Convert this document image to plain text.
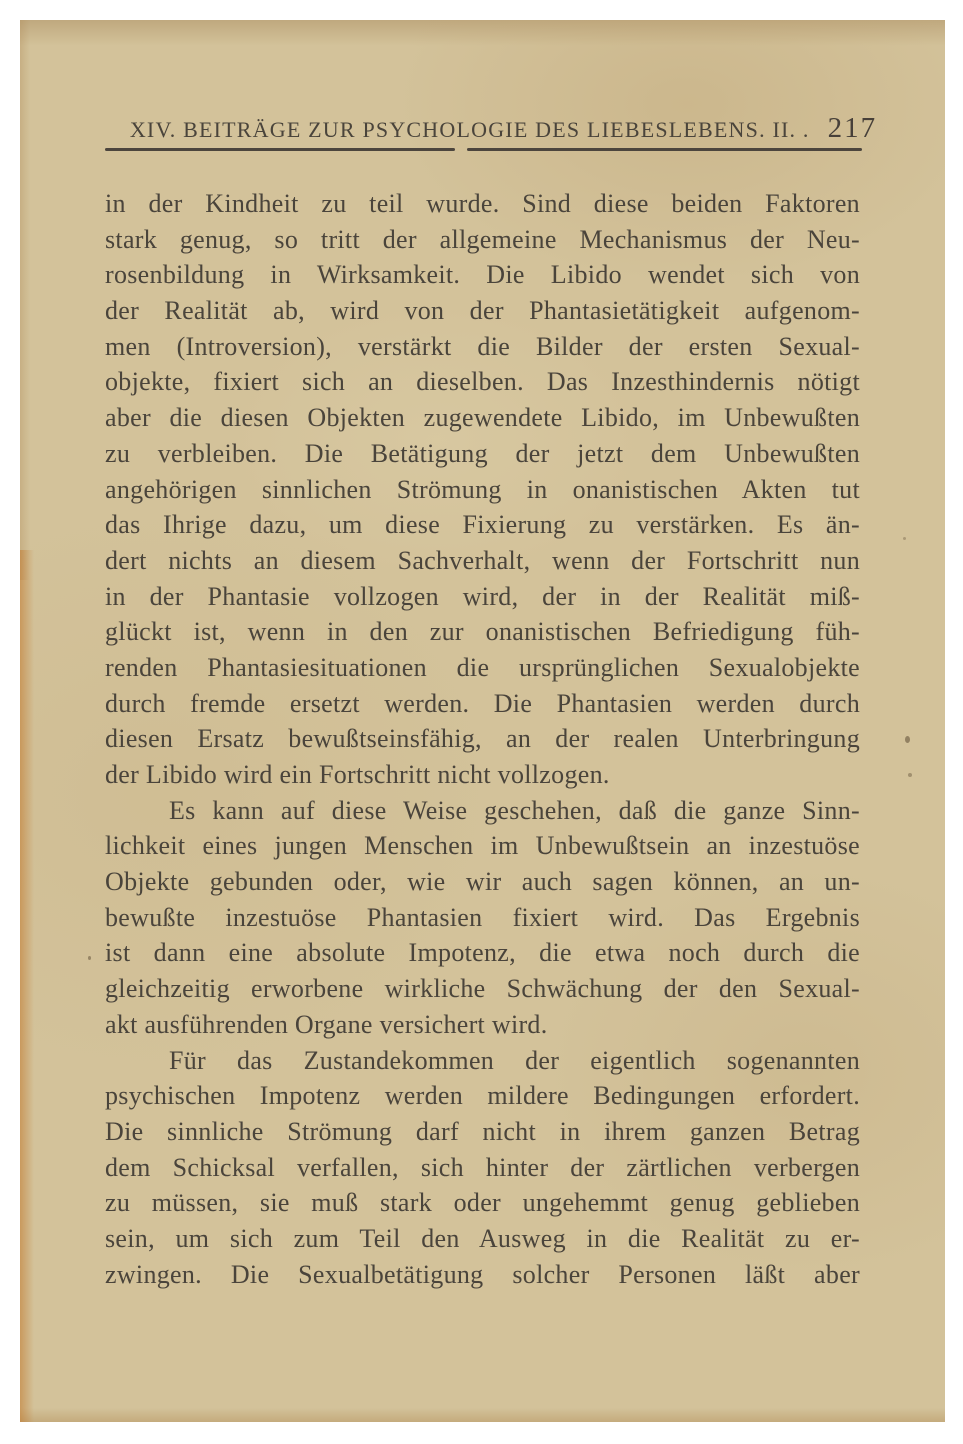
XIV. BEITRÄGE ZUR PSYCHOLOGIE DES LIEBESLEBENS. II. . 217
in der Kindheit zu teil wurde. Sind diese beiden Faktoren
stark genug, so tritt der allgemeine Mechanismus der Neu-
rosenbildung in Wirksamkeit. Die Libido wendet sich von
der Realität ab, wird von der Phantasietätigkeit aufgenom-
men (Introversion), verstärkt die Bilder der ersten Sexual-
objekte, fixiert sich an dieselben. Das Inzesthindernis nötigt
aber die diesen Objekten zugewendete Libido, im Unbewußten
zu verbleiben. Die Betätigung der jetzt dem Unbewußten
angehörigen sinnlichen Strömung in onanistischen Akten tut
das Ihrige dazu, um diese Fixierung zu verstärken. Es än-
dert nichts an diesem Sachverhalt, wenn der Fortschritt nun
in der Phantasie vollzogen wird, der in der Realität miß-
glückt ist, wenn in den zur onanistischen Befriedigung füh-
renden Phantasiesituationen die ursprünglichen Sexualobjekte
durch fremde ersetzt werden. Die Phantasien werden durch
diesen Ersatz bewußtseinsfähig, an der realen Unterbringung
der Libido wird ein Fortschritt nicht vollzogen.
Es kann auf diese Weise geschehen, daß die ganze Sinn-
lichkeit eines jungen Menschen im Unbewußtsein an inzestuöse
Objekte gebunden oder, wie wir auch sagen können, an un-
bewußte inzestuöse Phantasien fixiert wird. Das Ergebnis
ist dann eine absolute Impotenz, die etwa noch durch die
gleichzeitig erworbene wirkliche Schwächung der den Sexual-
akt ausführenden Organe versichert wird.
Für das Zustandekommen der eigentlich sogenannten
psychischen Impotenz werden mildere Bedingungen erfordert.
Die sinnliche Strömung darf nicht in ihrem ganzen Betrag
dem Schicksal verfallen, sich hinter der zärtlichen verbergen
zu müssen, sie muß stark oder ungehemmt genug geblieben
sein, um sich zum Teil den Ausweg in die Realität zu er-
zwingen. Die Sexualbetätigung solcher Personen läßt aber
